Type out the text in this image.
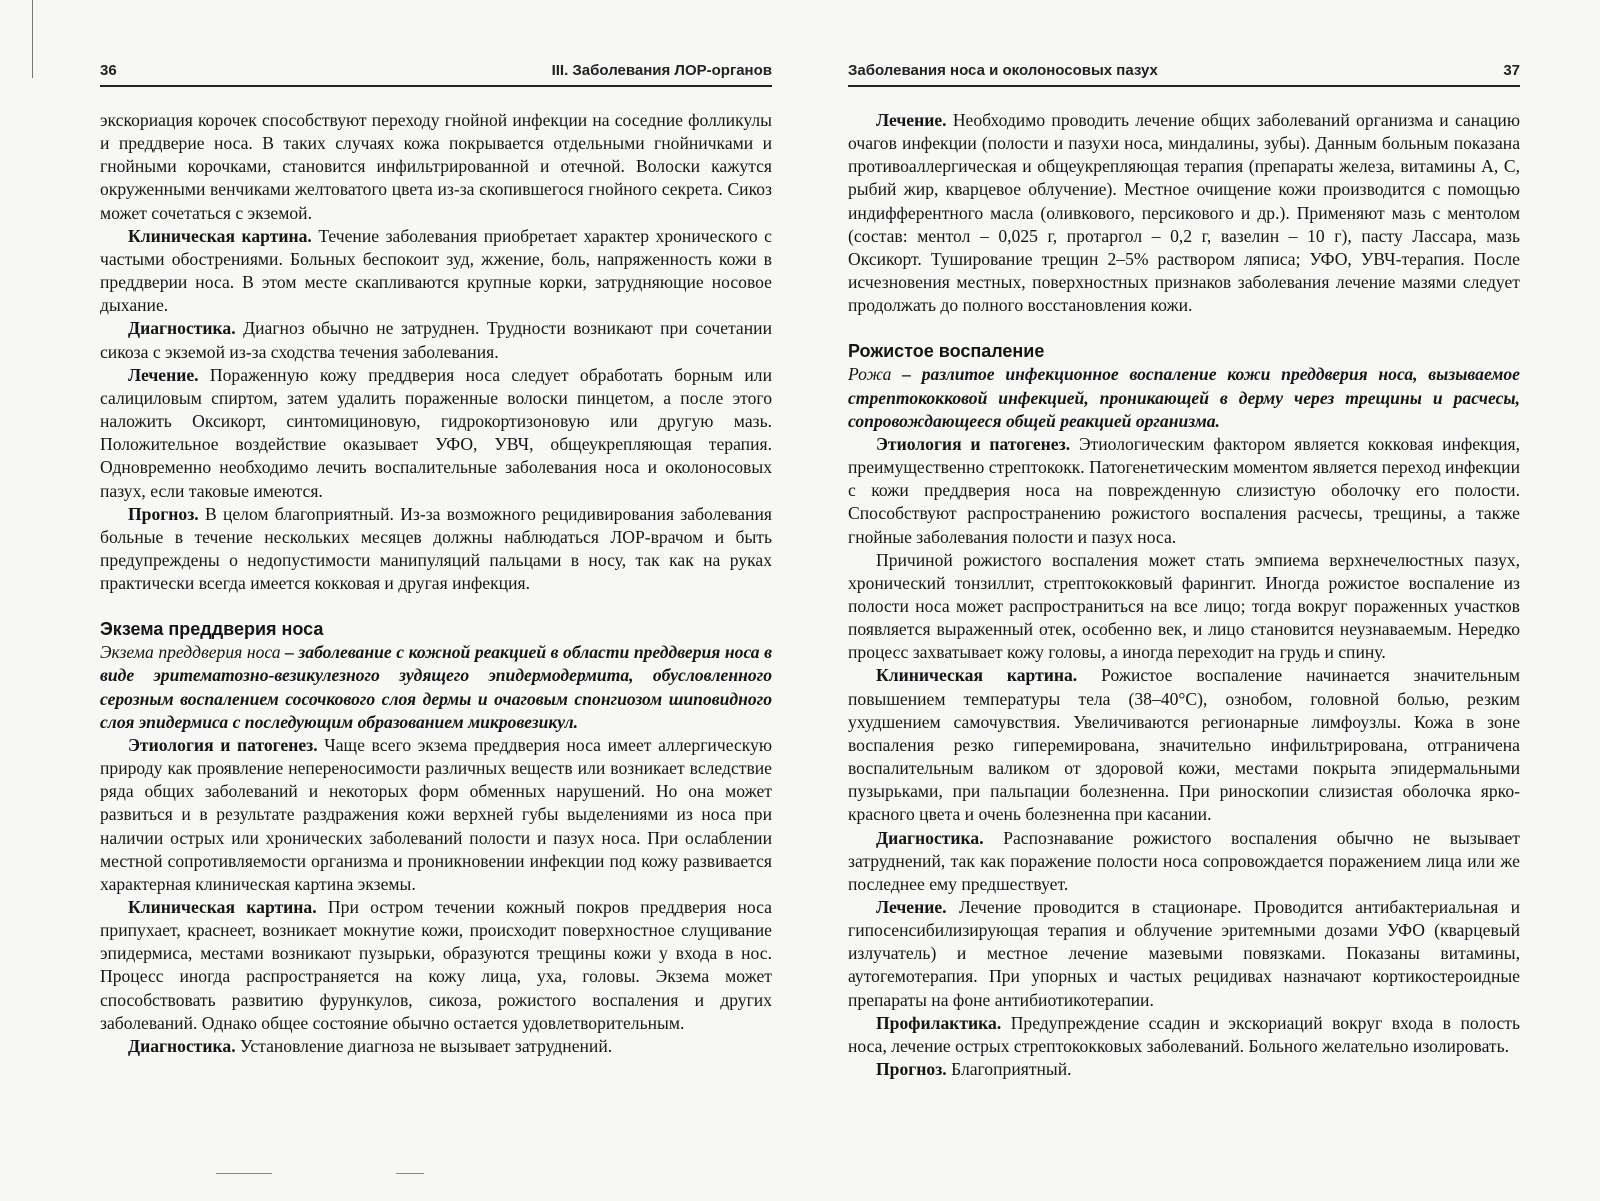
36	III. Заболевания ЛОР-органов

экскориация корочек способствуют переходу гнойной инфекции на соседние фолликулы и преддверие носа. В таких случаях кожа покрывается отдельными гнойничками и гнойными корочками, становится инфильтрированной и отечной. Волоски кажутся окруженными венчиками желтоватого цвета из-за скопившегося гнойного секрета. Сикоз может сочетаться с экземой.

Клиническая картина. Течение заболевания приобретает характер хронического с частыми обострениями. Больных беспокоит зуд, жжение, боль, напряженность кожи в преддверии носа. В этом месте скапливаются крупные корки, затрудняющие носовое дыхание.

Диагностика. Диагноз обычно не затруднен. Трудности возникают при сочетании сикоза с экземой из-за сходства течения заболевания.

Лечение. Пораженную кожу преддверия носа следует обработать борным или салициловым спиртом, затем удалить пораженные волоски пинцетом, а после этого наложить Оксикорт, синтомициновую, гидрокортизоновую или другую мазь. Положительное воздействие оказывает УФО, УВЧ, общеукрепляющая терапия. Одновременно необходимо лечить воспалительные заболевания носа и околоносовых пазух, если таковые имеются.

Прогноз. В целом благоприятный. Из-за возможного рецидивирования заболевания больные в течение нескольких месяцев должны наблюдаться ЛОР-врачом и быть предупреждены о недопустимости манипуляций пальцами в носу, так как на руках практически всегда имеется кокковая и другая инфекция.

Экзема преддверия носа

Экзема преддверия носа – заболевание с кожной реакцией в области преддверия носа в виде эритематозно-везикулезного зудящего эпидермодермита, обусловленного серозным воспалением сосочкового слоя дермы и очаговым спонгиозом шиповидного слоя эпидермиса с последующим образованием микровезикул.

Этиология и патогенез. Чаще всего экзема преддверия носа имеет аллергическую природу как проявление непереносимости различных веществ или возникает вследствие ряда общих заболеваний и некоторых форм обменных нарушений. Но она может развиться и в результате раздражения кожи верхней губы выделениями из носа при наличии острых или хронических заболеваний полости и пазух носа. При ослаблении местной сопротивляемости организма и проникновении инфекции под кожу развивается характерная клиническая картина экземы.

Клиническая картина. При остром течении кожный покров преддверия носа припухает, краснеет, возникает мокнутие кожи, происходит поверхностное слущивание эпидермиса, местами возникают пузырьки, образуются трещины кожи у входа в нос. Процесс иногда распространяется на кожу лица, уха, головы. Экзема может способствовать развитию фурункулов, сикоза, рожистого воспаления и других заболеваний. Однако общее состояние обычно остается удовлетворительным.

Диагностика. Установление диагноза не вызывает затруднений.

Заболевания носа и околоносовых пазух	37

Лечение. Необходимо проводить лечение общих заболеваний организма и санацию очагов инфекции (полости и пазухи носа, миндалины, зубы). Данным больным показана противоаллергическая и общеукрепляющая терапия (препараты железа, витамины А, С, рыбий жир, кварцевое облучение). Местное очищение кожи производится с помощью индифферентного масла (оливкового, персикового и др.). Применяют мазь с ментолом (состав: ментол – 0,025 г, протаргол – 0,2 г, вазелин – 10 г), пасту Лассара, мазь Оксикорт. Туширование трещин 2–5% раствором ляписа; УФО, УВЧ-терапия. После исчезновения местных, поверхностных признаков заболевания лечение мазями следует продолжать до полного восстановления кожи.

Рожистое воспаление

Рожа – разлитое инфекционное воспаление кожи преддверия носа, вызываемое стрептококковой инфекцией, проникающей в дерму через трещины и расчесы, сопровождающееся общей реакцией организма.

Этиология и патогенез. Этиологическим фактором является кокковая инфекция, преимущественно стрептококк. Патогенетическим моментом является переход инфекции с кожи преддверия носа на поврежденную слизистую оболочку его полости. Способствуют распространению рожистого воспаления расчесы, трещины, а также гнойные заболевания полости и пазух носа.

Причиной рожистого воспаления может стать эмпиема верхнечелюстных пазух, хронический тонзиллит, стрептококковый фарингит. Иногда рожистое воспаление из полости носа может распространиться на все лицо; тогда вокруг пораженных участков появляется выраженный отек, особенно век, и лицо становится неузнаваемым. Нередко процесс захватывает кожу головы, а иногда переходит на грудь и спину.

Клиническая картина. Рожистое воспаление начинается значительным повышением температуры тела (38–40°С), ознобом, головной болью, резким ухудшением самочувствия. Увеличиваются регионарные лимфоузлы. Кожа в зоне воспаления резко гиперемирована, значительно инфильтрирована, отграничена воспалительным валиком от здоровой кожи, местами покрыта эпидермальными пузырьками, при пальпации болезненна. При риноскопии слизистая оболочка ярко-красного цвета и очень болезненна при касании.

Диагностика. Распознавание рожистого воспаления обычно не вызывает затруднений, так как поражение полости носа сопровождается поражением лица или же последнее ему предшествует.

Лечение. Лечение проводится в стационаре. Проводится антибактериальная и гипосенсибилизирующая терапия и облучение эритемными дозами УФО (кварцевый излучатель) и местное лечение мазевыми повязками. Показаны витамины, аутогемотерапия. При упорных и частых рецидивах назначают кортикостероидные препараты на фоне антибиотикотерапии.

Профилактика. Предупреждение ссадин и экскориаций вокруг входа в полость носа, лечение острых стрептококковых заболеваний. Больного желательно изолировать.

Прогноз. Благоприятный.
